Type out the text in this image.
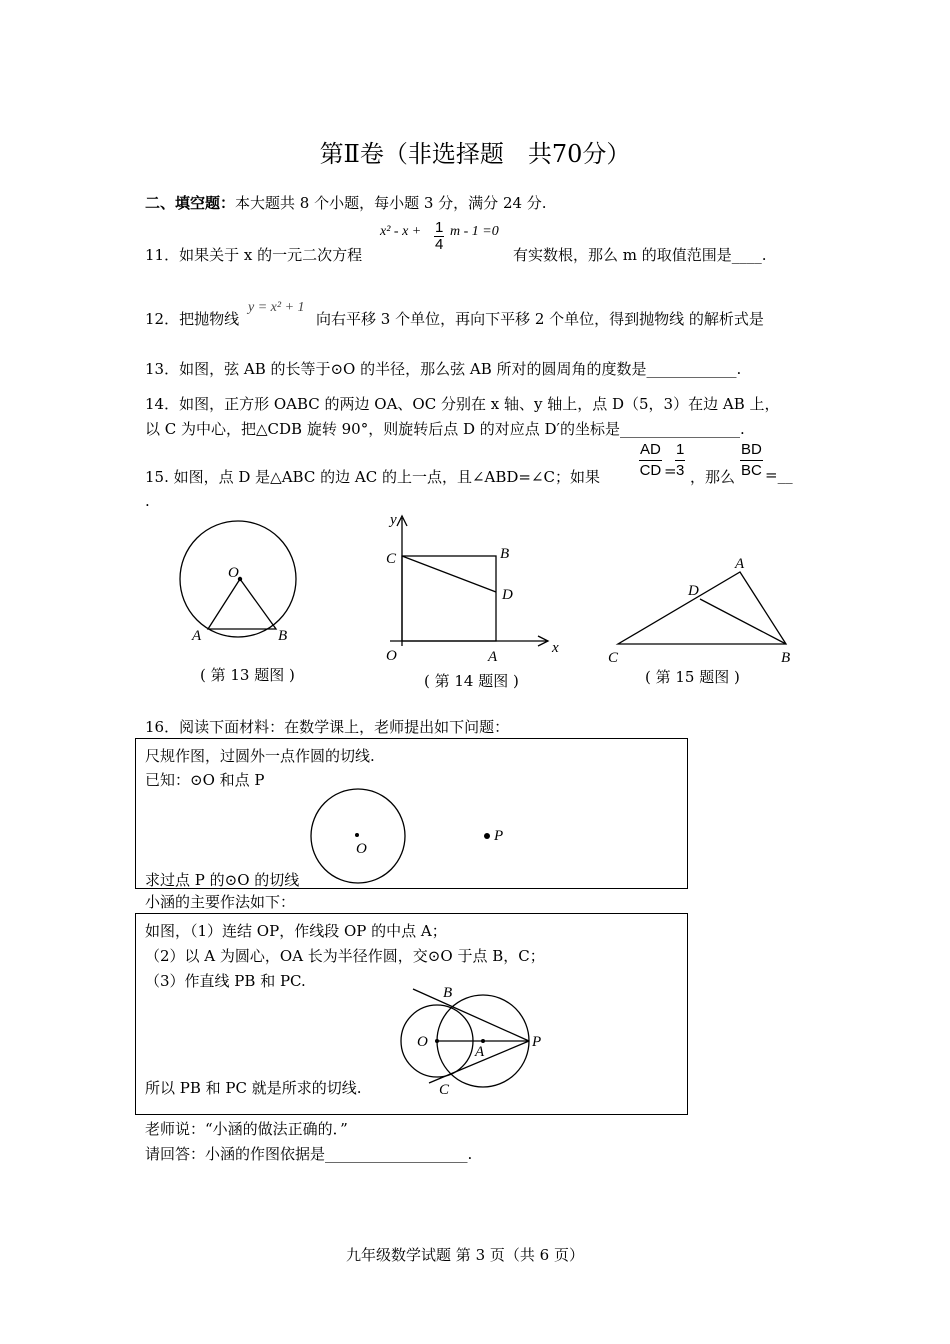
第Ⅱ卷（非选择题　共70分）
二、填空题：本大题共 8 个小题，每小题 3 分，满分 24 分.
11．如果关于 x 的一元二次方程
$x^2 - x + \frac{1}{4}$ m - 1 =0
有实数根，那么 m 的取值范围是____.
12．把抛物线
y = x² + 1
向右平移 3 个单位，再向下平移 2 个单位，得到抛物线 的解析式是
13．如图，弦 AB 的长等于⊙O 的半径，那么弦 AB 所对的圆周角的度数是____________.
14．如图，正方形 OABC 的两边 OA、OC 分别在 x 轴、y 轴上，点 D（5，3）在边 AB 上，
以 C 为中心，把△CDB 旋转 90°，则旋转后点 D 的对应点 D′的坐标是________________.
15. 如图，点 D 是△ABC 的边 AC 的上一点，且∠ABD=∠C；如果	$\frac{AD}{CD}$ =
$\frac{1}{3}$ ，那么 $\frac{BD}{BC}$ =__
.
O
A	B
( 第 13 题图 )
y
C	B
D
O	A
x
( 第 14 题图 )
A
D
C	B
( 第 15 题图 )
16．阅读下面材料：在数学课上，老师提出如下问题：
尺规作图，过圆外一点作圆的切线.
已知：⊙O 和点 P
O
P
求过点 P 的⊙O 的切线
小涵的主要作法如下：
如图，（1）连结 OP，作线段 OP 的中点 A；
（2）以 A 为圆心，OA 长为半径作圆，交⊙O 于点 B，C；
（3）作直线 PB 和 PC.
B
O
A
P
C
所以 PB 和 PC 就是所求的切线.
老师说：“小涵的做法正确的．”
请回答：小涵的作图依据是___________________.
九年级数学试题 第 3 页（共 6 页）
